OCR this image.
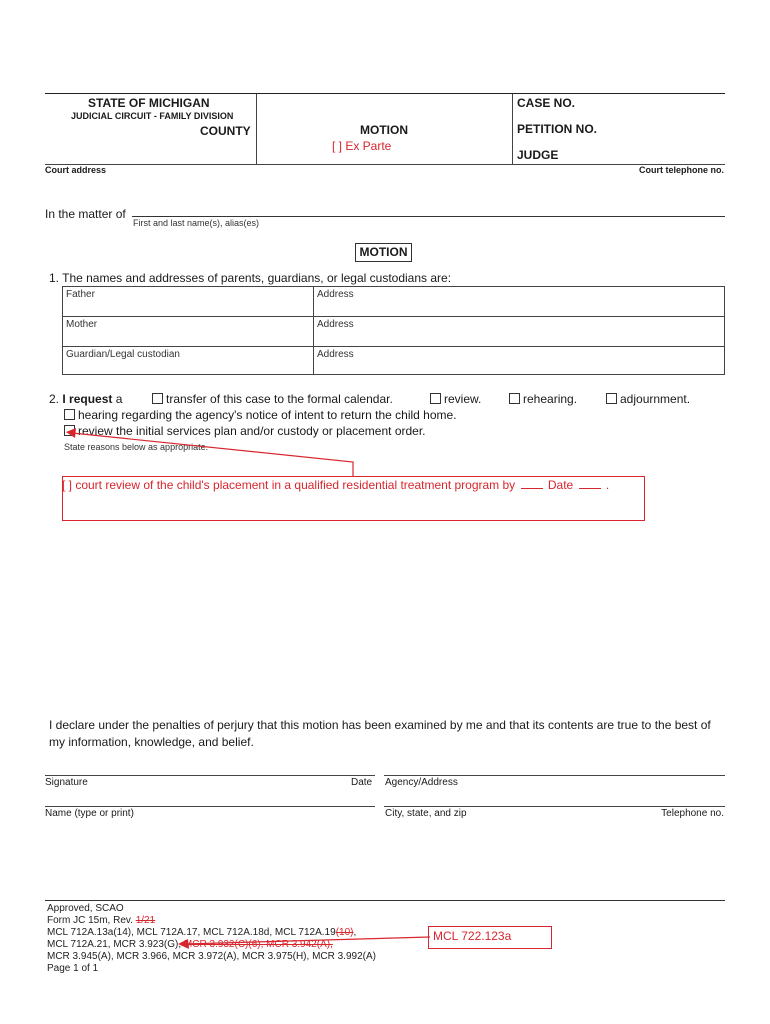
STATE OF MICHIGAN
JUDICIAL CIRCUIT - FAMILY DIVISION
COUNTY	MOTION
[ ] Ex Parte
CASE NO.
PETITION NO.
JUDGE
Court address	Court telephone no.
In the matter of
First and last name(s), alias(es)
MOTION
1. The names and addresses of parents, guardians, or legal custodians are:
Father	Address
Mother	Address
Guardian/Legal custodian	Address
2. I request a	transfer of this case to the formal calendar.	review.	rehearing.	adjournment.
hearing regarding the agency's notice of intent to return the child home.
review the initial services plan and/or custody or placement order.
State reasons below as appropriate.
[ ] court review of the child's placement in a qualified residential treatment program by	Date	.
I declare under the penalties of perjury that this motion has been examined by me and that its contents are true to the best of my information, knowledge, and belief.
Signature	Date Agency/Address
Name (type or print)	City, state, and zip	Telephone no.
Approved, SCAO
Form JC 15m, Rev. 1/21
MCL 712A.13a(14), MCL 712A.17, MCL 712A.18d, MCL 712A.19(10),
MCL 712A.21, MCR 3.923(G), MCR 3.932(C)(6), MCR 3.942(A),
MCR 3.945(A), MCR 3.966, MCR 3.972(A), MCR 3.975(H), MCR 3.992(A)
Page 1 of 1
MCL 722.123a
